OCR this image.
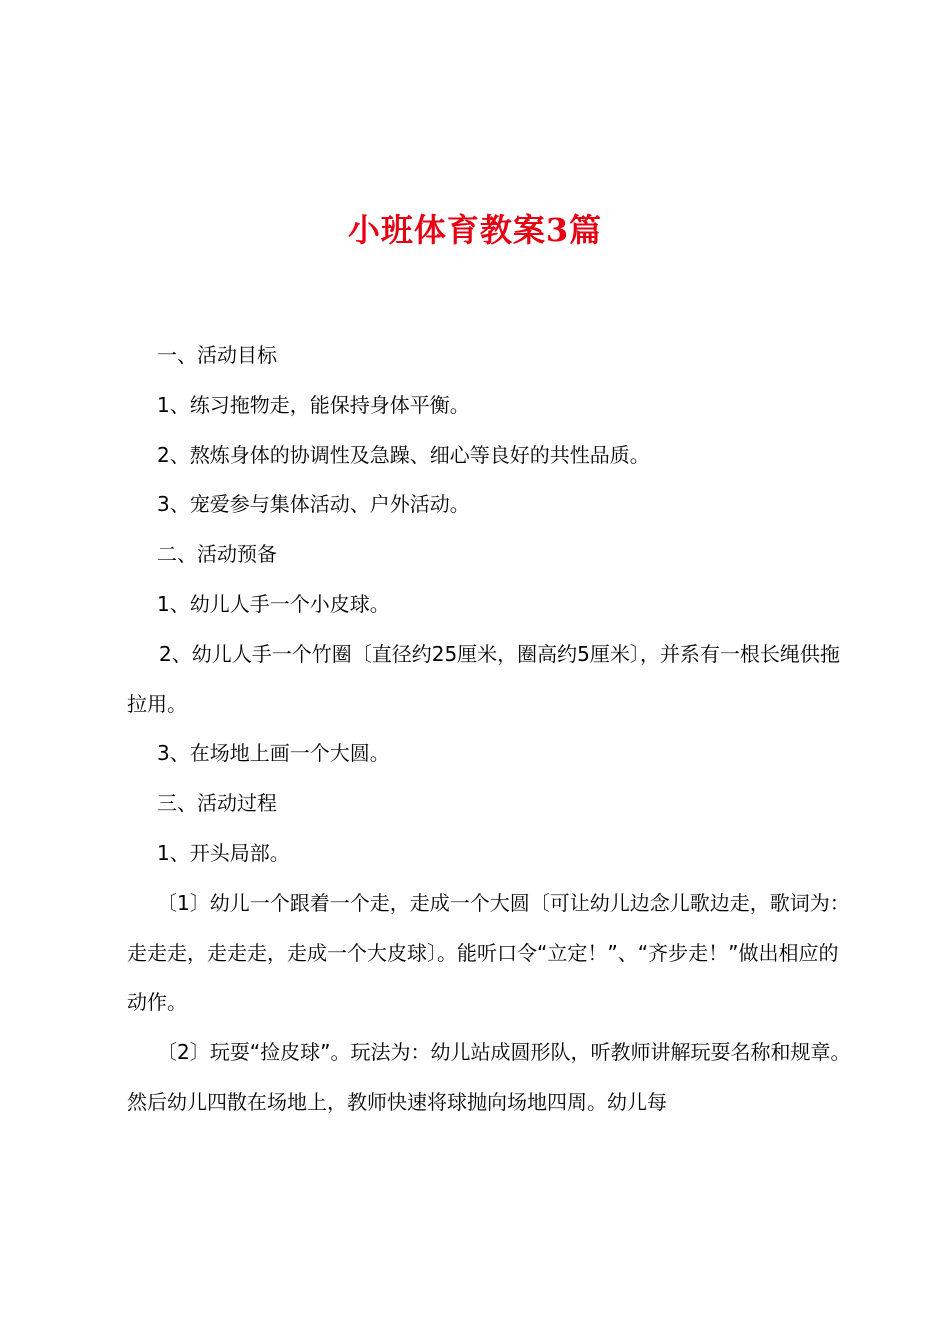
小班体育教案3篇

一、活动目标

1、练习拖物走，能保持身体平衡。

2、熬炼身体的协调性及急躁、细心等良好的共性品质。

3、宠爱参与集体活动、户外活动。

二、活动预备

1、幼儿人手一个小皮球。

2、幼儿人手一个竹圈〔直径约25厘米，圈高约5厘米〕，并系有一根长绳供拖拉用。

3、在场地上画一个大圆。

三、活动过程

1、开头局部。

〔1〕幼儿一个跟着一个走，走成一个大圆〔可让幼儿边念儿歌边走，歌词为：走走走，走走走，走成一个大皮球〕。能听口令“立定！”、“齐步走！”做出相应的动作。

〔2〕玩耍“捡皮球”。玩法为：幼儿站成圆形队，听教师讲解玩耍名称和规章。然后幼儿四散在场地上，教师快速将球抛向场地四周。幼儿每
